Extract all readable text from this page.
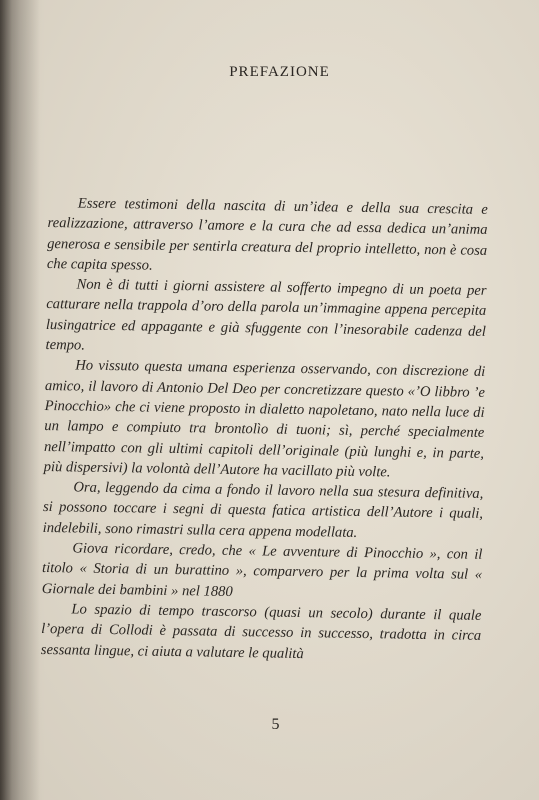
PREFAZIONE

Essere testimoni della nascita di un’idea e della sua crescita e realizzazione, attraverso l’amore e la cura che ad essa dedica un’anima generosa e sensibile per sentirla creatura del proprio intelletto, non è cosa che capita spesso.

Non è di tutti i giorni assistere al sofferto impegno di un poeta per catturare nella trappola d’oro della parola un’immagine appena percepita lusingatrice ed appagante e già sfuggente con l’inesorabile cadenza del tempo.

Ho vissuto questa umana esperienza osservando, con discrezione di amico, il lavoro di Antonio Del Deo per concretizzare questo «’O libbro ’e Pinocchio» che ci viene proposto in dialetto napoletano, nato nella luce di un lampo e compiuto tra brontolìo di tuoni; sì, perché specialmente nell’impatto con gli ultimi capitoli dell’originale (più lunghi e, in parte, più dispersivi) la volontà dell’Autore ha vacillato più volte.

Ora, leggendo da cima a fondo il lavoro nella sua stesura definitiva, si possono toccare i segni di questa fatica artistica dell’Autore i quali, indelebili, sono rimastri sulla cera appena modellata.

Giova ricordare, credo, che « Le avventure di Pinocchio », con il titolo « Storia di un burattino », comparvero per la prima volta sul « Giornale dei bambini » nel 1880

Lo spazio di tempo trascorso (quasi un secolo) durante il quale l’opera di Collodi è passata di successo in successo, tradotta in circa sessanta lingue, ci aiuta a valutare le qualità

5
